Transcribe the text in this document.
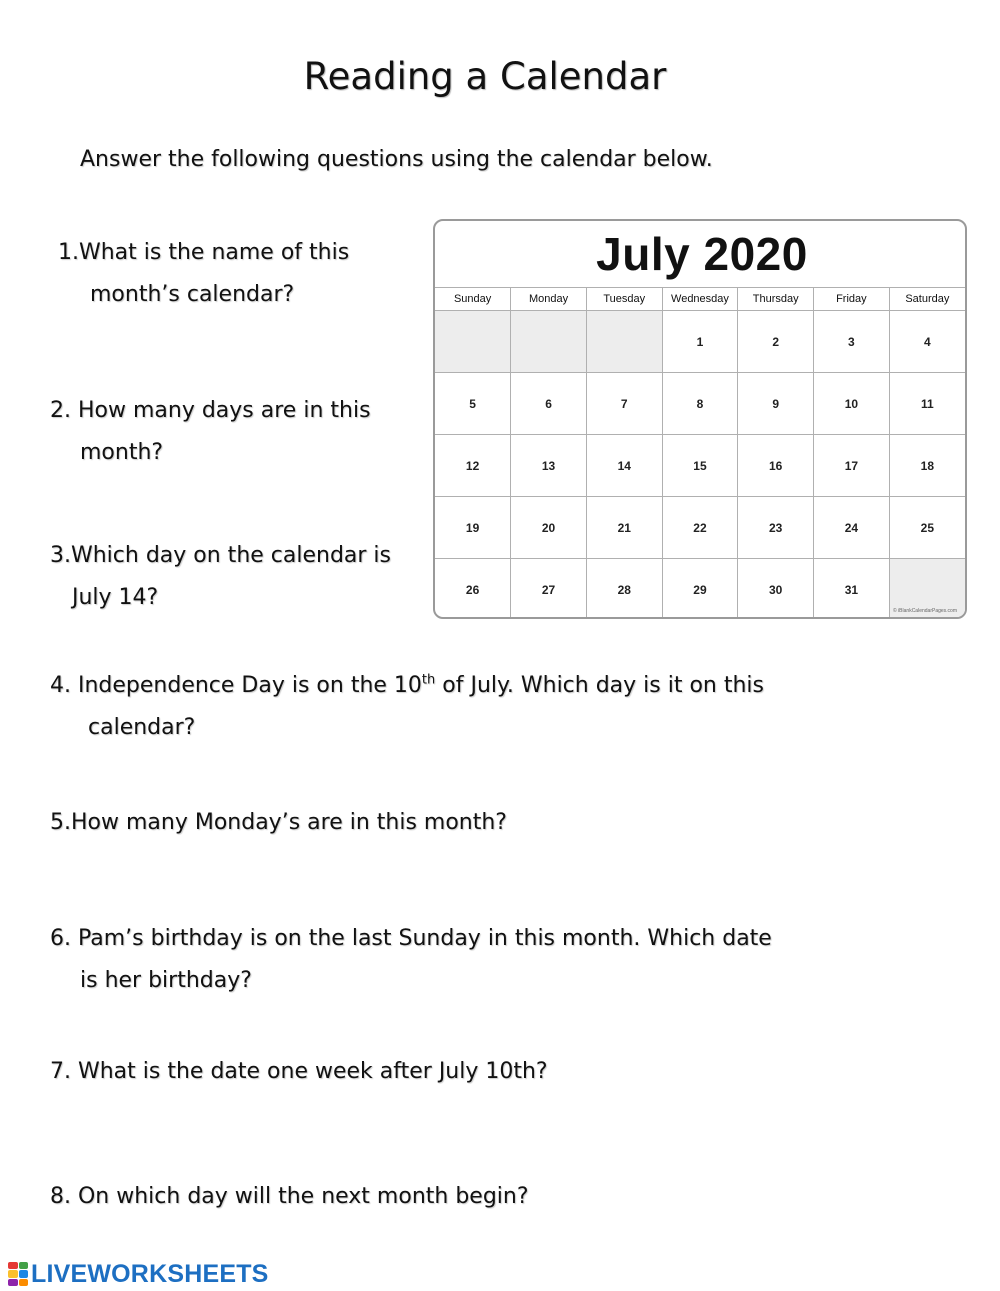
Reading a Calendar
Answer the following questions using the calendar below.
1.What is the name of this
month’s calendar?
2. How many days are in this
month?
3.Which day on the calendar is
July 14?
4. Independence Day is on the 10th of July. Which day is it on this
calendar?
5.How many Monday’s are in this month?
6. Pam’s birthday is on the last Sunday in this month. Which date
is her birthday?
7. What is the date one week after July 10th?
8. On which day will the next month begin?
July 2020
Sunday	Monday	Tuesday	Wednesday	Thursday	Friday	Saturday
			1	2	3	4
5	6	7	8	9	10	11
12	13	14	15	16	17	18
19	20	21	22	23	24	25
26	27	28	29	30	31	
© iBlankCalendarPages.com
LIVEWORKSHEETS
